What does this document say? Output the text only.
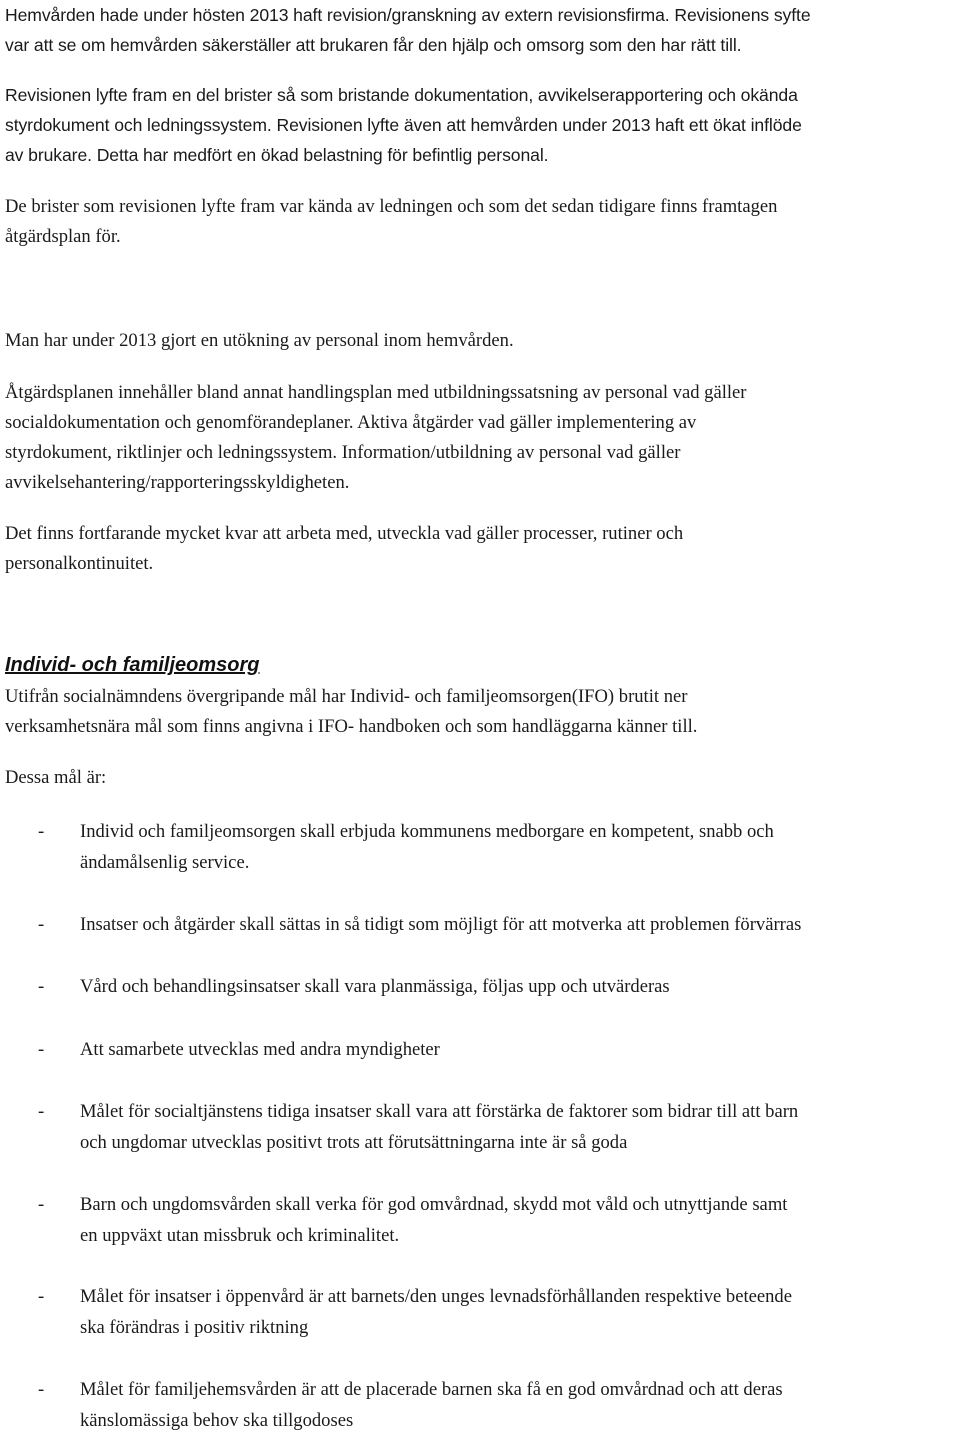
Hemvården hade under hösten 2013 haft revision/granskning av extern revisionsfirma. Revisionens syfte
var att se om hemvården säkerställer att brukaren får den hjälp och omsorg som den har rätt till.

Revisionen lyfte fram en del brister så som bristande dokumentation, avvikelserapportering och okända
styrdokument och ledningssystem. Revisionen lyfte även att hemvården under 2013 haft ett ökat inflöde
av brukare. Detta har medfört en ökad belastning för befintlig personal.

De brister som revisionen lyfte fram var kända av ledningen och som det sedan tidigare finns framtagen
åtgärdsplan för.

Man har under 2013 gjort en utökning av personal inom hemvården.

Åtgärdsplanen innehåller bland annat handlingsplan med utbildningssatsning av personal vad gäller
socialdokumentation och genomförandeplaner. Aktiva åtgärder vad gäller implementering av
styrdokument, riktlinjer och ledningssystem. Information/utbildning av personal vad gäller
avvikelsehantering/rapporteringsskyldigheten.

Det finns fortfarande mycket kvar att arbeta med, utveckla vad gäller processer, rutiner och
personalkontinuitet.

Individ- och familjeomsorg

Utifrån socialnämndens övergripande mål har Individ- och familjeomsorgen(IFO) brutit ner
verksamhetsnära mål som finns angivna i IFO- handboken och som handläggarna känner till.

Dessa mål är:

- Individ och familjeomsorgen skall erbjuda kommunens medborgare en kompetent, snabb och
ändamålsenlig service.
- Insatser och åtgärder skall sättas in så tidigt som möjligt för att motverka att problemen förvärras
- Vård och behandlingsinsatser skall vara planmässiga, följas upp och utvärderas
- Att samarbete utvecklas med andra myndigheter
- Målet för socialtjänstens tidiga insatser skall vara att förstärka de faktorer som bidrar till att barn
och ungdomar utvecklas positivt trots att förutsättningarna inte är så goda
- Barn och ungdomsvården skall verka för god omvårdnad, skydd mot våld och utnyttjande samt
en uppväxt utan missbruk och kriminalitet.
- Målet för insatser i öppenvård är att barnets/den unges levnadsförhållanden respektive beteende
ska förändras i positiv riktning
- Målet för familjehemsvården är att de placerade barnen ska få en god omvårdnad och att deras
känslomässiga behov ska tillgodoses
